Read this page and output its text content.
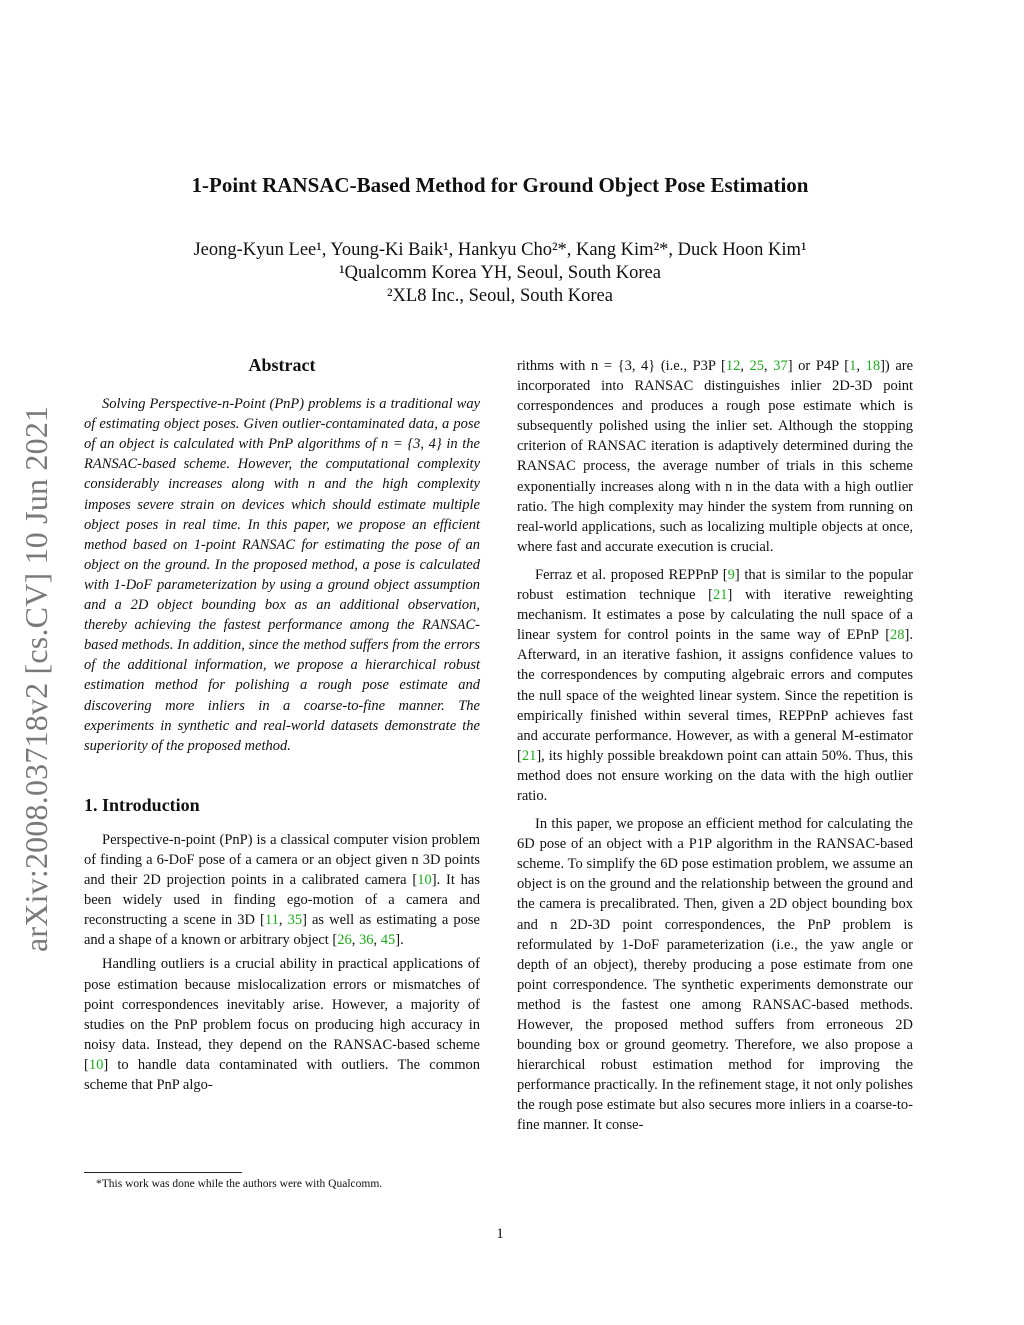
arXiv:2008.03718v2 [cs.CV] 10 Jun 2021
1-Point RANSAC-Based Method for Ground Object Pose Estimation
Jeong-Kyun Lee¹, Young-Ki Baik¹, Hankyu Cho²*, Kang Kim²*, Duck Hoon Kim¹
¹Qualcomm Korea YH, Seoul, South Korea
²XL8 Inc., Seoul, South Korea
Abstract
Solving Perspective-n-Point (PnP) problems is a traditional way of estimating object poses. Given outlier-contaminated data, a pose of an object is calculated with PnP algorithms of n = {3, 4} in the RANSAC-based scheme. However, the computational complexity considerably increases along with n and the high complexity imposes severe strain on devices which should estimate multiple object poses in real time. In this paper, we propose an efficient method based on 1-point RANSAC for estimating the pose of an object on the ground. In the proposed method, a pose is calculated with 1-DoF parameterization by using a ground object assumption and a 2D object bounding box as an additional observation, thereby achieving the fastest performance among the RANSAC-based methods. In addition, since the method suffers from the errors of the additional information, we propose a hierarchical robust estimation method for polishing a rough pose estimate and discovering more inliers in a coarse-to-fine manner. The experiments in synthetic and real-world datasets demonstrate the superiority of the proposed method.
1. Introduction
Perspective-n-point (PnP) is a classical computer vision problem of finding a 6-DoF pose of a camera or an object given n 3D points and their 2D projection points in a calibrated camera [10]. It has been widely used in finding ego-motion of a camera and reconstructing a scene in 3D [11, 35] as well as estimating a pose and a shape of a known or arbitrary object [26, 36, 45].
Handling outliers is a crucial ability in practical applications of pose estimation because mislocalization errors or mismatches of point correspondences inevitably arise. However, a majority of studies on the PnP problem focus on producing high accuracy in noisy data. Instead, they depend on the RANSAC-based scheme [10] to handle data contaminated with outliers. The common scheme that PnP algo-
rithms with n = {3, 4} (i.e., P3P [12, 25, 37] or P4P [1, 18]) are incorporated into RANSAC distinguishes inlier 2D-3D point correspondences and produces a rough pose estimate which is subsequently polished using the inlier set. Although the stopping criterion of RANSAC iteration is adaptively determined during the RANSAC process, the average number of trials in this scheme exponentially increases along with n in the data with a high outlier ratio. The high complexity may hinder the system from running on real-world applications, such as localizing multiple objects at once, where fast and accurate execution is crucial.
Ferraz et al. proposed REPPnP [9] that is similar to the popular robust estimation technique [21] with iterative reweighting mechanism. It estimates a pose by calculating the null space of a linear system for control points in the same way of EPnP [28]. Afterward, in an iterative fashion, it assigns confidence values to the correspondences by computing algebraic errors and computes the null space of the weighted linear system. Since the repetition is empirically finished within several times, REPPnP achieves fast and accurate performance. However, as with a general M-estimator [21], its highly possible breakdown point can attain 50%. Thus, this method does not ensure working on the data with the high outlier ratio.
In this paper, we propose an efficient method for calculating the 6D pose of an object with a P1P algorithm in the RANSAC-based scheme. To simplify the 6D pose estimation problem, we assume an object is on the ground and the relationship between the ground and the camera is precalibrated. Then, given a 2D object bounding box and n 2D-3D point correspondences, the PnP problem is reformulated by 1-DoF parameterization (i.e., the yaw angle or depth of an object), thereby producing a pose estimate from one point correspondence. The synthetic experiments demonstrate our method is the fastest one among RANSAC-based methods. However, the proposed method suffers from erroneous 2D bounding box or ground geometry. Therefore, we also propose a hierarchical robust estimation method for improving the performance practically. In the refinement stage, it not only polishes the rough pose estimate but also secures more inliers in a coarse-to-fine manner. It conse-
*This work was done while the authors were with Qualcomm.
1
